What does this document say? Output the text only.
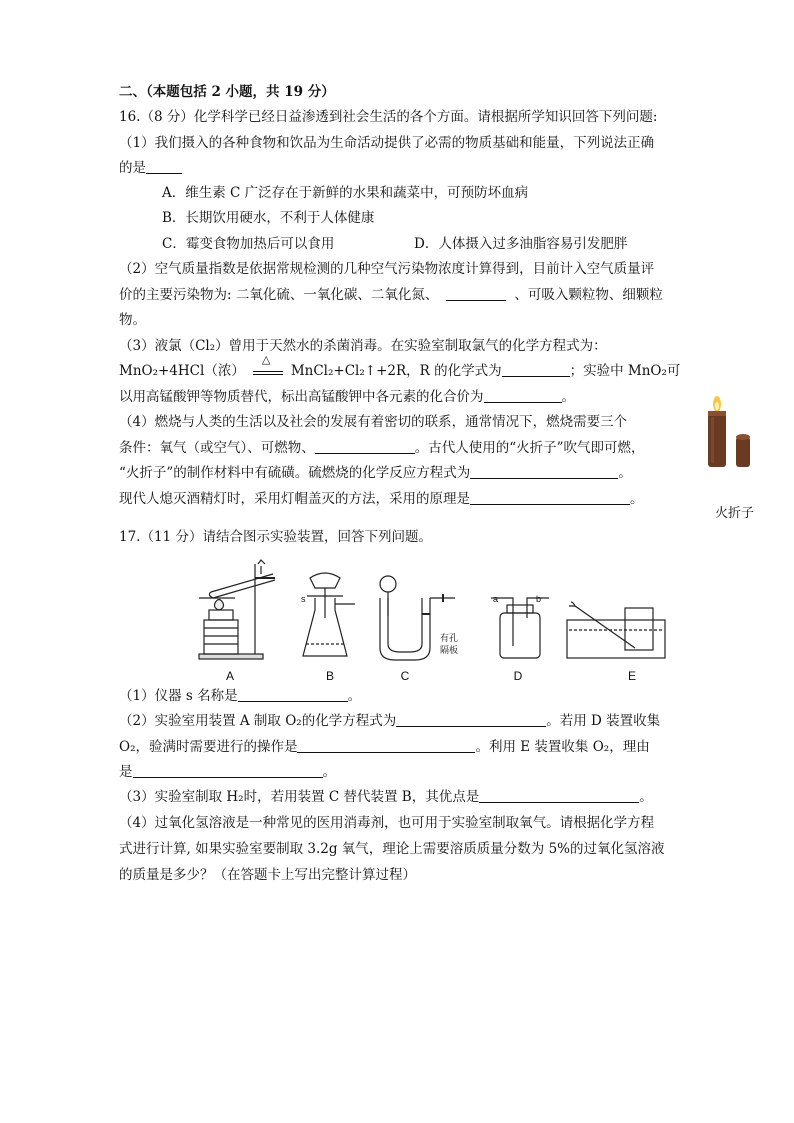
二、（本题包括 2 小题，共 19 分）
16.（8 分）化学科学已经日益渗透到社会生活的各个方面。请根据所学知识回答下列问题:
（1）我们摄入的各种食物和饮品为生命活动提供了必需的物质基础和能量，下列说法正确
的是
A．维生素 C 广泛存在于新鲜的水果和蔬菜中，可预防坏血病
B．长期饮用硬水，不利于人体健康
C．霉变食物加热后可以食用	D．人体摄入过多油脂容易引发肥胖
（2）空气质量指数是依据常规检测的几种空气污染物浓度计算得到，目前计入空气质量评
价的主要污染物为: 二氧化硫、一氧化碳、二氧化氮、	、可吸入颗粒物、细颗粒
物。
（3）液氯（Cl₂）曾用于天然水的杀菌消毒。在实验室制取氯气的化学方程式为：
MnO₂+4HCl（浓）
△
MnCl₂+Cl₂↑+2R，R 的化学式为	；实验中 MnO₂可
以用高锰酸钾等物质替代，标出高锰酸钾中各元素的化合价为	。
（4）燃烧与人类的生活以及社会的发展有着密切的联系，通常情况下，燃烧需要三个
条件：氧气（或空气）、可燃物、	。古代人使用的“火折子”吹气即可燃，
“火折子”的制作材料中有硫磺。硫燃烧的化学反应方程式为	。
现代人熄灭酒精灯时，采用灯帽盖灭的方法，采用的原理是	。
火折子
17.（11 分）请结合图示实验装置，回答下列问题。
s	a	b
有孔
隔板
A	B	C	D	E
（1）仪器 s 名称是	。
（2）实验室用装置 A 制取 O₂的化学方程式为	。若用 D 装置收集
O₂，验满时需要进行的操作是	。利用 E 装置收集 O₂，理由
是	。
（3）实验室制取 H₂时，若用装置 C 替代装置 B，其优点是	。
（4）过氧化氢溶液是一种常见的医用消毒剂，也可用于实验室制取氧气。请根据化学方程
式进行计算, 如果实验室要制取 3.2g 氧气，理论上需要溶质质量分数为 5%的过氧化氢溶液
的质量是多少？（在答题卡上写出完整计算过程）
